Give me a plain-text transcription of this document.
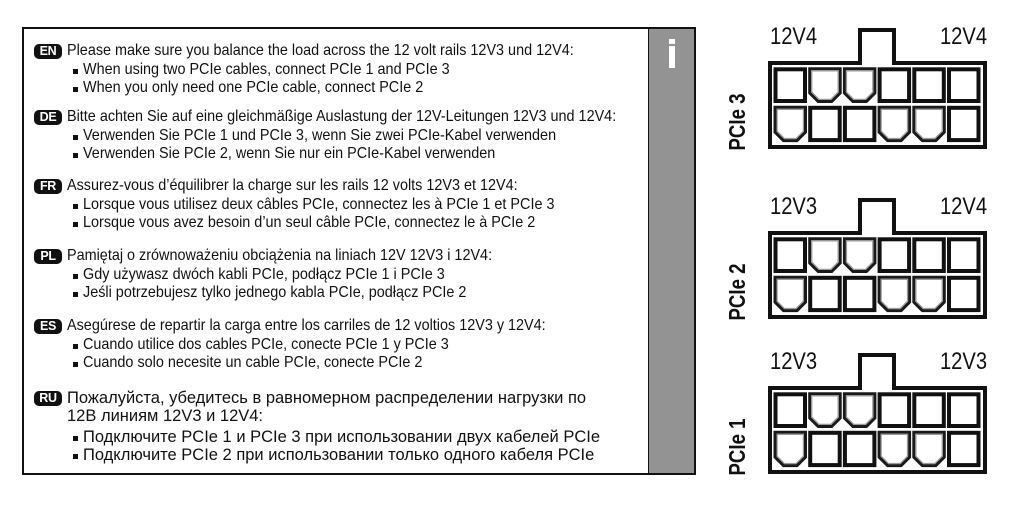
EN Please make sure you balance the load across the 12 volt rails 12V3 und 12V4:
When using two PCIe cables, connect PCIe 1 and PCIe 3
When you only need one PCIe cable, connect PCIe 2
DE Bitte achten Sie auf eine gleichmäßige Auslastung der 12V-Leitungen 12V3 und 12V4:
Verwenden Sie PCIe 1 und PCIe 3, wenn Sie zwei PCIe-Kabel verwenden
Verwenden Sie PCIe 2, wenn Sie nur ein PCIe-Kabel verwenden
FR Assurez-vous d’équilibrer la charge sur les rails 12 volts 12V3 et 12V4:
Lorsque vous utilisez deux câbles PCIe, connectez les à PCIe 1 et PCIe 3
Lorsque vous avez besoin d’un seul câble PCIe, connectez le à PCIe 2
PL Pamiętaj o zrównoważeniu obciążenia na liniach 12V 12V3 i 12V4:
Gdy używasz dwóch kabli PCIe, podłącz PCIe 1 i PCIe 3
Jeśli potrzebujesz tylko jednego kabla PCIe, podłącz PCIe 2
ES Asegúrese de repartir la carga entre los carriles de 12 voltios 12V3 y 12V4:
Cuando utilice dos cables PCIe, conecte PCIe 1 y PCIe 3
Cuando solo necesite un cable PCIe, conecte PCIe 2
RU Пожалуйста, убедитесь в равномерном распределении нагрузки по
12В линиям 12V3 и 12V4:
Подключите PCIe 1 и PCIe 3 при использовании двух кабелей PCIe
Подключите PCIe 2 при использовании только одного кабеля PCIe
12V4	12V4
PCIe 3
12V3	12V4
PCIe 2
12V3	12V3
PCIe 1
